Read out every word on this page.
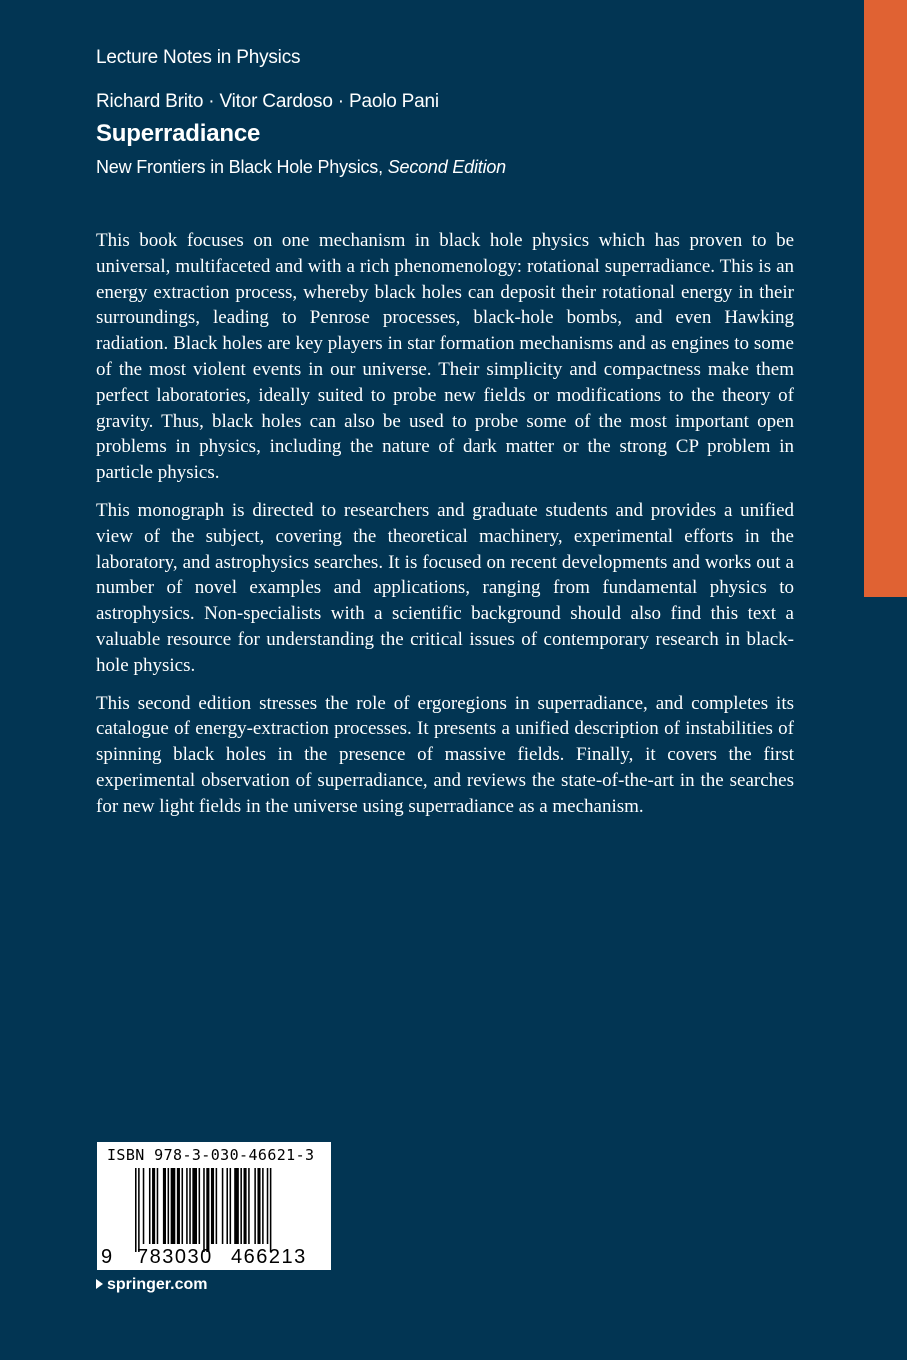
Lecture Notes in Physics
Richard Brito · Vitor Cardoso · Paolo Pani
Superradiance
New Frontiers in Black Hole Physics, Second Edition

This book focuses on one mechanism in black hole physics which has proven to be universal, multifaceted and with a rich phenomenology: rotational superradiance. This is an energy extraction process, whereby black holes can deposit their rotational energy in their surroundings, leading to Penrose processes, black-hole bombs, and even Hawking radiation. Black holes are key players in star formation mechanisms and as engines to some of the most violent events in our universe. Their simplicity and compactness make them perfect laboratories, ideally suited to probe new fields or modifications to the theory of gravity. Thus, black holes can also be used to probe some of the most important open problems in physics, including the nature of dark matter or the strong CP problem in particle physics.

This monograph is directed to researchers and graduate students and provides a unified view of the subject, covering the theoretical machinery, experimental efforts in the laboratory, and astrophysics searches. It is focused on recent developments and works out a number of novel examples and applications, ranging from fundamental physics to astrophysics. Non-specialists with a scientific background should also find this text a valuable resource for understanding the critical issues of contemporary research in black-hole physics.

This second edition stresses the role of ergoregions in superradiance, and completes its catalogue of energy-extraction processes. It presents a unified description of instabilities of spinning black holes in the presence of massive fields. Finally, it covers the first experimental observation of superradiance, and reviews the state-of-the-art in the searches for new light fields in the universe using superradiance as a mechanism.

ISBN 978-3-030-46621-3
9 783030 466213
springer.com
